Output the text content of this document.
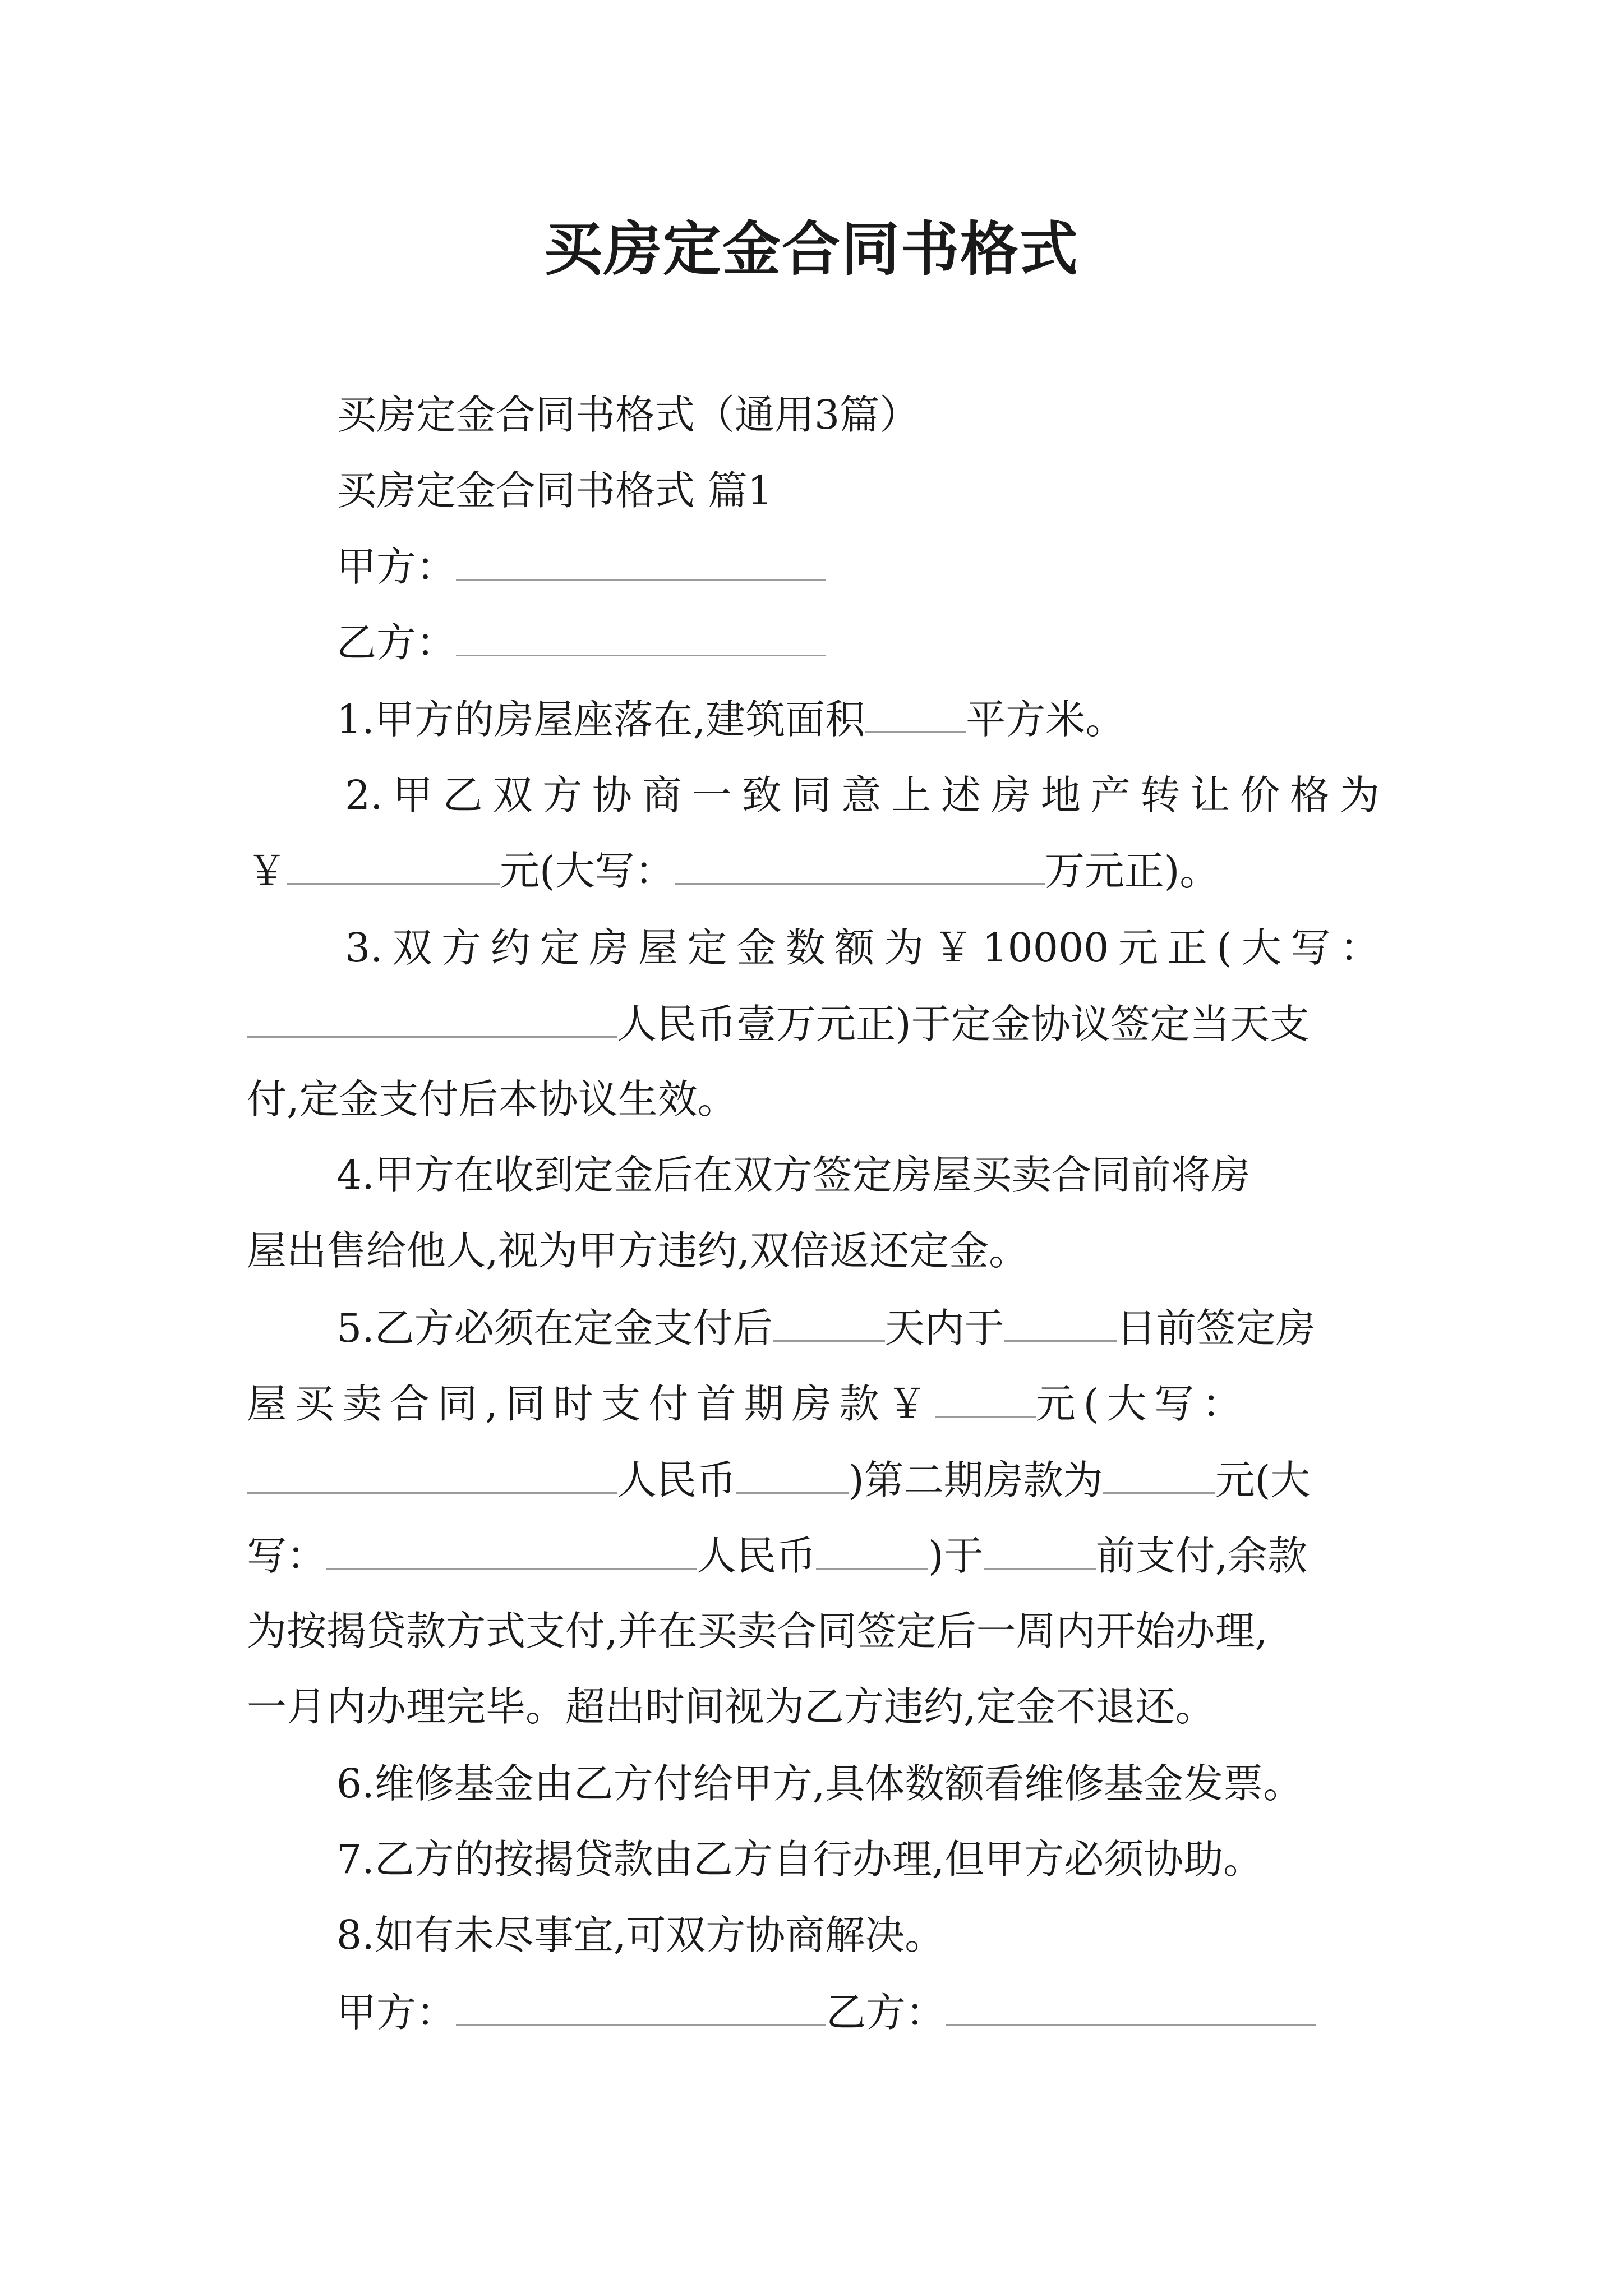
买房定金合同书格式
买房定金合同书格式（通用3篇）
买房定金合同书格式 篇1
甲方：
乙方：
1.甲方的房屋座落在,建筑面积	平方米。
2.甲乙双方协商一致同意上述房地产转让价格为
￥	元(大写：	万元正)。
3.双方约定房屋定金数额为￥10000元正(大写：
人民币壹万元正)于定金协议签定当天支
付,定金支付后本协议生效。
4.甲方在收到定金后在双方签定房屋买卖合同前将房
屋出售给他人,视为甲方违约,双倍返还定金。
5.乙方必须在定金支付后	天内于	日前签定房
屋买卖合同,同时支付首期房款￥	元(大写：
人民币	)第二期房款为	元(大
写：	人民币	)于	前支付,余款
为按揭贷款方式支付,并在买卖合同签定后一周内开始办理,
一月内办理完毕。超出时间视为乙方违约,定金不退还。
6.维修基金由乙方付给甲方,具体数额看维修基金发票。
7.乙方的按揭贷款由乙方自行办理,但甲方必须协助。
8.如有未尽事宜,可双方协商解决。
甲方：	乙方：
